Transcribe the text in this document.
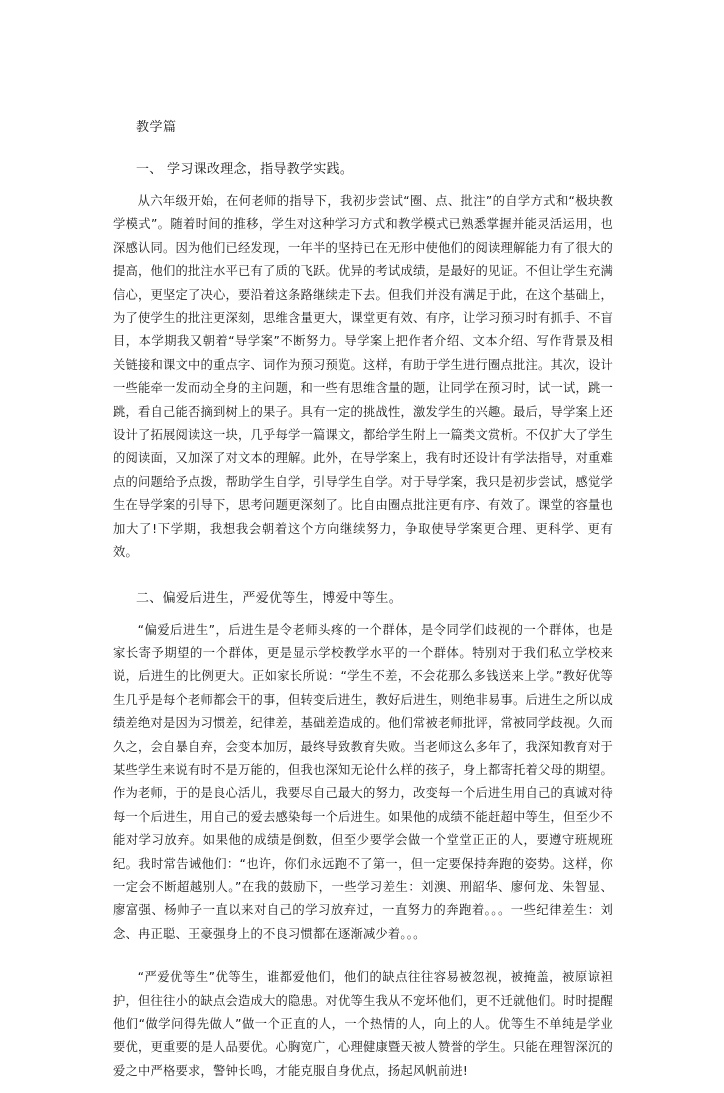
教学篇
一、 学习课改理念，指导教学实践。
从六年级开始，在何老师的指导下，我初步尝试“圈、点、批注”的自学方式和“极块教学模式”。随着时间的推移，学生对这种学习方式和教学模式已熟悉掌握并能灵活运用，也深感认同。因为他们已经发现，一年半的坚持已在无形中使他们的阅读理解能力有了很大的提高，他们的批注水平已有了质的飞跃。优异的考试成绩，是最好的见证。不但让学生充满信心，更坚定了决心，要沿着这条路继续走下去。但我们并没有满足于此，在这个基础上，为了使学生的批注更深刻，思维含量更大，课堂更有效、有序，让学习预习时有抓手、不盲目，本学期我又朝着“导学案”不断努力。导学案上把作者介绍、文本介绍、写作背景及相关链接和课文中的重点字、词作为预习预览。这样，有助于学生进行圈点批注。其次，设计一些能牵一发而动全身的主问题，和一些有思维含量的题，让同学在预习时，试一试，跳一跳，看自己能否摘到树上的果子。具有一定的挑战性，激发学生的兴趣。最后，导学案上还设计了拓展阅读这一块，几乎每学一篇课文，都给学生附上一篇类文赏析。不仅扩大了学生的阅读面，又加深了对文本的理解。此外，在导学案上，我有时还设计有学法指导，对重难点的问题给予点拨，帮助学生自学，引导学生自学。对于导学案，我只是初步尝试，感觉学生在导学案的引导下，思考问题更深刻了。比自由圈点批注更有序、有效了。课堂的容量也加大了!下学期，我想我会朝着这个方向继续努力，争取使导学案更合理、更科学、更有效。
二、偏爱后进生，严爱优等生，博爱中等生。
“偏爱后进生”，后进生是令老师头疼的一个群体，是令同学们歧视的一个群体，也是家长寄予期望的一个群体，更是显示学校教学水平的一个群体。特别对于我们私立学校来说，后进生的比例更大。正如家长所说：“学生不差，不会花那么多钱送来上学。”教好优等生几乎是每个老师都会干的事，但转变后进生，教好后进生，则绝非易事。后进生之所以成绩差绝对是因为习惯差，纪律差，基础差造成的。他们常被老师批评，常被同学歧视。久而久之，会自暴自弃，会变本加厉，最终导致教育失败。当老师这么多年了，我深知教育对于某些学生来说有时不是万能的，但我也深知无论什么样的孩子，身上都寄托着父母的期望。作为老师，于的是良心活儿，我要尽自己最大的努力，改变每一个后进生用自己的真诚对待每一个后进生，用自己的爱去感染每一个后进生。如果他的成绩不能赶超中等生，但至少不能对学习放弃。如果他的成绩是倒数，但至少要学会做一个堂堂正正的人，要遵守班规班纪。我时常告诫他们：“也许，你们永远跑不了第一，但一定要保持奔跑的姿势。这样，你一定会不断超越别人。”在我的鼓励下，一些学习差生：刘澳、刑韶华、廖何龙、朱智显、廖富强、杨帅子一直以来对自己的学习放弃过，一直努力的奔跑着。。。一些纪律差生：刘念、冉正聪、王豪强身上的不良习惯都在逐渐减少着。。。
“严爱优等生”优等生，谁都爱他们，他们的缺点往往容易被忽视，被掩盖，被原谅袒护，但往往小的缺点会造成大的隐患。对优等生我从不宠坏他们，更不迁就他们。时时提醒他们“做学问得先做人”做一个正直的人，一个热情的人，向上的人。优等生不单纯是学业要优，更重要的是人品要优。心胸宽广，心理健康暨天被人赞誉的学生。只能在理智深沉的爱之中严格要求，警钟长鸣，才能克服自身优点，扬起风帆前进!
